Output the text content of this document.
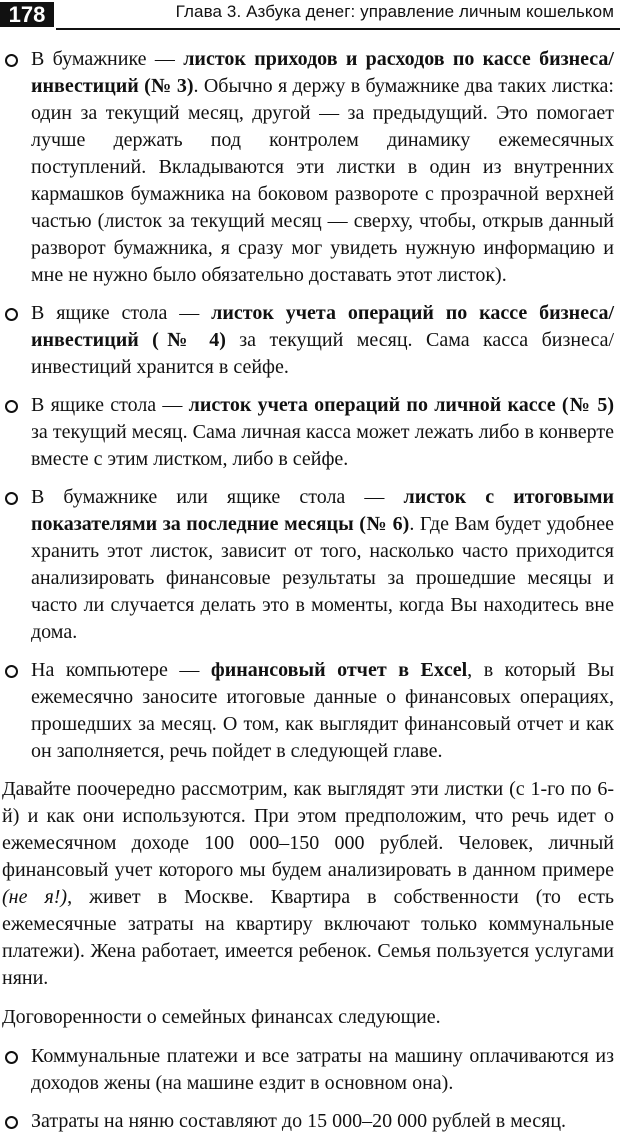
178	Глава 3. Азбука денег: управление личным кошельком
В бумажнике — листок приходов и расходов по кассе бизнеса/инвестиций (№ 3). Обычно я держу в бумажнике два таких листка: один за текущий месяц, другой — за предыдущий. Это помогает лучше держать под контролем динамику ежемесячных поступлений. Вкладываются эти листки в один из внутренних кармашков бумажника на боковом развороте с прозрачной верхней частью (листок за текущий месяц — сверху, чтобы, открыв данный разворот бумажника, я сразу мог увидеть нужную информацию и мне не нужно было обязательно доставать этот листок).
В ящике стола — листок учета операций по кассе бизнеса/инвестиций (№ 4) за текущий месяц. Сама касса бизнеса/инвестиций хранится в сейфе.
В ящике стола — листок учета операций по личной кассе (№ 5) за текущий месяц. Сама личная касса может лежать либо в конверте вместе с этим листком, либо в сейфе.
В бумажнике или ящике стола — листок с итоговыми показателями за последние месяцы (№ 6). Где Вам будет удобнее хранить этот листок, зависит от того, насколько часто приходится анализировать финансовые результаты за прошедшие месяцы и часто ли случается делать это в моменты, когда Вы находитесь вне дома.
На компьютере — финансовый отчет в Excel, в который Вы ежемесячно заносите итоговые данные о финансовых операциях, прошедших за месяц. О том, как выглядит финансовый отчет и как он заполняется, речь пойдет в следующей главе.

Давайте поочередно рассмотрим, как выглядят эти листки (с 1-го по 6-й) и как они используются. При этом предположим, что речь идет о ежемесячном доходе 100 000–150 000 рублей. Человек, личный финансовый учет которого мы будем анализировать в данном примере (не я!), живет в Москве. Квартира в собственности (то есть ежемесячные затраты на квартиру включают только коммунальные платежи). Жена работает, имеется ребенок. Семья пользуется услугами няни.

Договоренности о семейных финансах следующие.

Коммунальные платежи и все затраты на машину оплачиваются из доходов жены (на машине ездит в основном она).
Затраты на няню составляют до 15 000–20 000 рублей в месяц.
